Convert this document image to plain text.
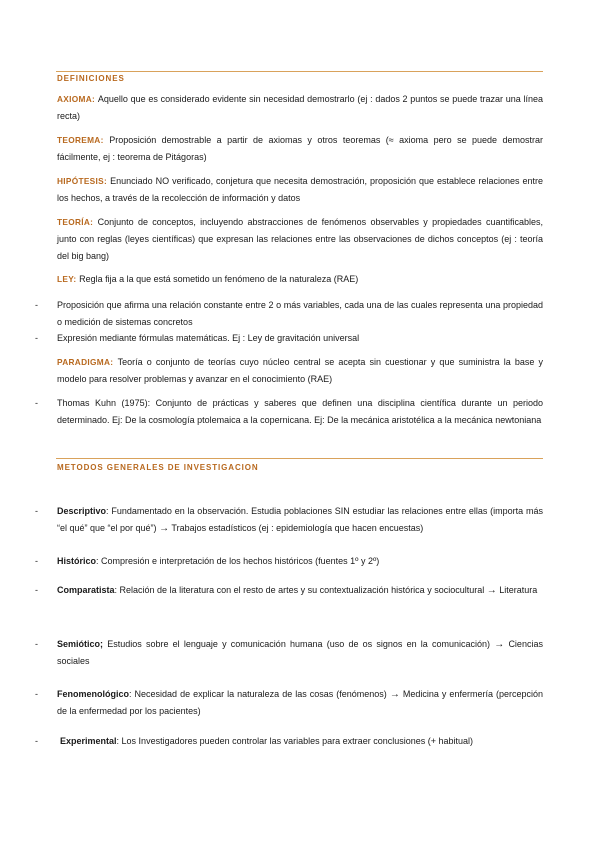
DEFINICIONES
AXIOMA: Aquello que es considerado evidente sin necesidad demostrarlo (ej : dados 2 puntos se puede trazar una línea recta)
TEOREMA: Proposición demostrable a partir de axiomas y otros teoremas (≈ axioma pero se puede demostrar fácilmente, ej : teorema de Pitágoras)
HIPÓTESIS: Enunciado NO verificado, conjetura que necesita demostración, proposición que establece relaciones entre los hechos, a través de la recolección de información y datos
TEORÍA: Conjunto de conceptos, incluyendo abstracciones de fenómenos observables y propiedades cuantificables, junto con reglas (leyes científicas) que expresan las relaciones entre las observaciones de dichos conceptos (ej : teoría del big bang)
LEY: Regla fija a la que está sometido un fenómeno de la naturaleza (RAE)
- Proposición que afirma una relación constante entre 2 o más variables, cada una de las cuales representa una propiedad o medición de sistemas concretos
- Expresión mediante fórmulas matemáticas. Ej : Ley de gravitación universal
PARADIGMA: Teoría o conjunto de teorías cuyo núcleo central se acepta sin cuestionar y que suministra la base y modelo para resolver problemas y avanzar en el conocimiento (RAE)
- Thomas Kuhn (1975): Conjunto de prácticas y saberes que definen una disciplina científica durante un periodo determinado. Ej: De la cosmología ptolemaica a la copernicana. Ej: De la mecánica aristotélica a la mecánica newtoniana
METODOS GENERALES DE INVESTIGACION
- Descriptivo: Fundamentado en la observación. Estudia poblaciones SIN estudiar las relaciones entre ellas (importa más “el qué” que “el por qué”) → Trabajos estadísticos (ej : epidemiología que hacen encuestas)
- Histórico: Compresión e interpretación de los hechos históricos (fuentes 1º y 2º)
- Comparatista: Relación de la literatura con el resto de artes y su contextualización histórica y sociocultural → Literatura
- Semiótico; Estudios sobre el lenguaje y comunicación humana (uso de os signos en la comunicación) → Ciencias sociales
- Fenomenológico: Necesidad de explicar la naturaleza de las cosas (fenómenos) → Medicina y enfermería (percepción de la enfermedad por los pacientes)
- Experimental: Los Investigadores pueden controlar las variables para extraer conclusiones (+ habitual)
